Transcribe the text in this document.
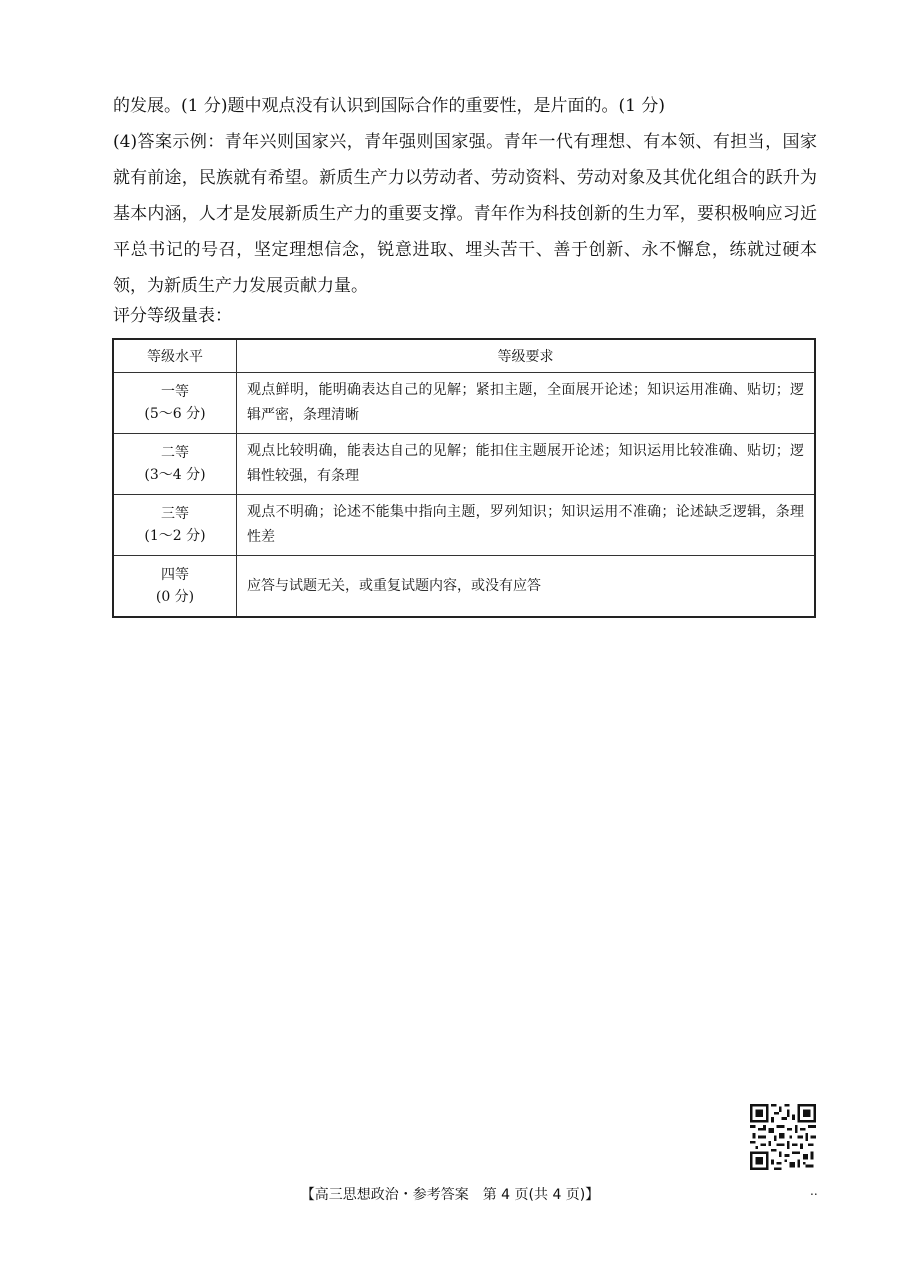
的发展。(1 分)题中观点没有认识到国际合作的重要性，是片面的。(1 分)

(4)答案示例：青年兴则国家兴，青年强则国家强。青年一代有理想、有本领、有担当，国家就有前途，民族就有希望。新质生产力以劳动者、劳动资料、劳动对象及其优化组合的跃升为基本内涵，人才是发展新质生产力的重要支撑。青年作为科技创新的生力军，要积极响应习近平总书记的号召，坚定理想信念，锐意进取、埋头苦干、善于创新、永不懈怠，练就过硬本领，为新质生产力发展贡献力量。

评分等级量表：

等级水平	等级要求

一等
(5～6 分)	观点鲜明，能明确表达自己的见解；紧扣主题，全面展开论述；知识运用准确、贴切；逻辑严密，条理清晰

二等
(3～4 分)	观点比较明确，能表达自己的见解；能扣住主题展开论述；知识运用比较准确、贴切；逻辑性较强，有条理

三等
(1～2 分)	观点不明确；论述不能集中指向主题，罗列知识；知识运用不准确；论述缺乏逻辑，条理性差

四等
(0 分)	应答与试题无关，或重复试题内容，或没有应答
【高三思想政治・参考答案　第 4 页(共 4 页)】	..
